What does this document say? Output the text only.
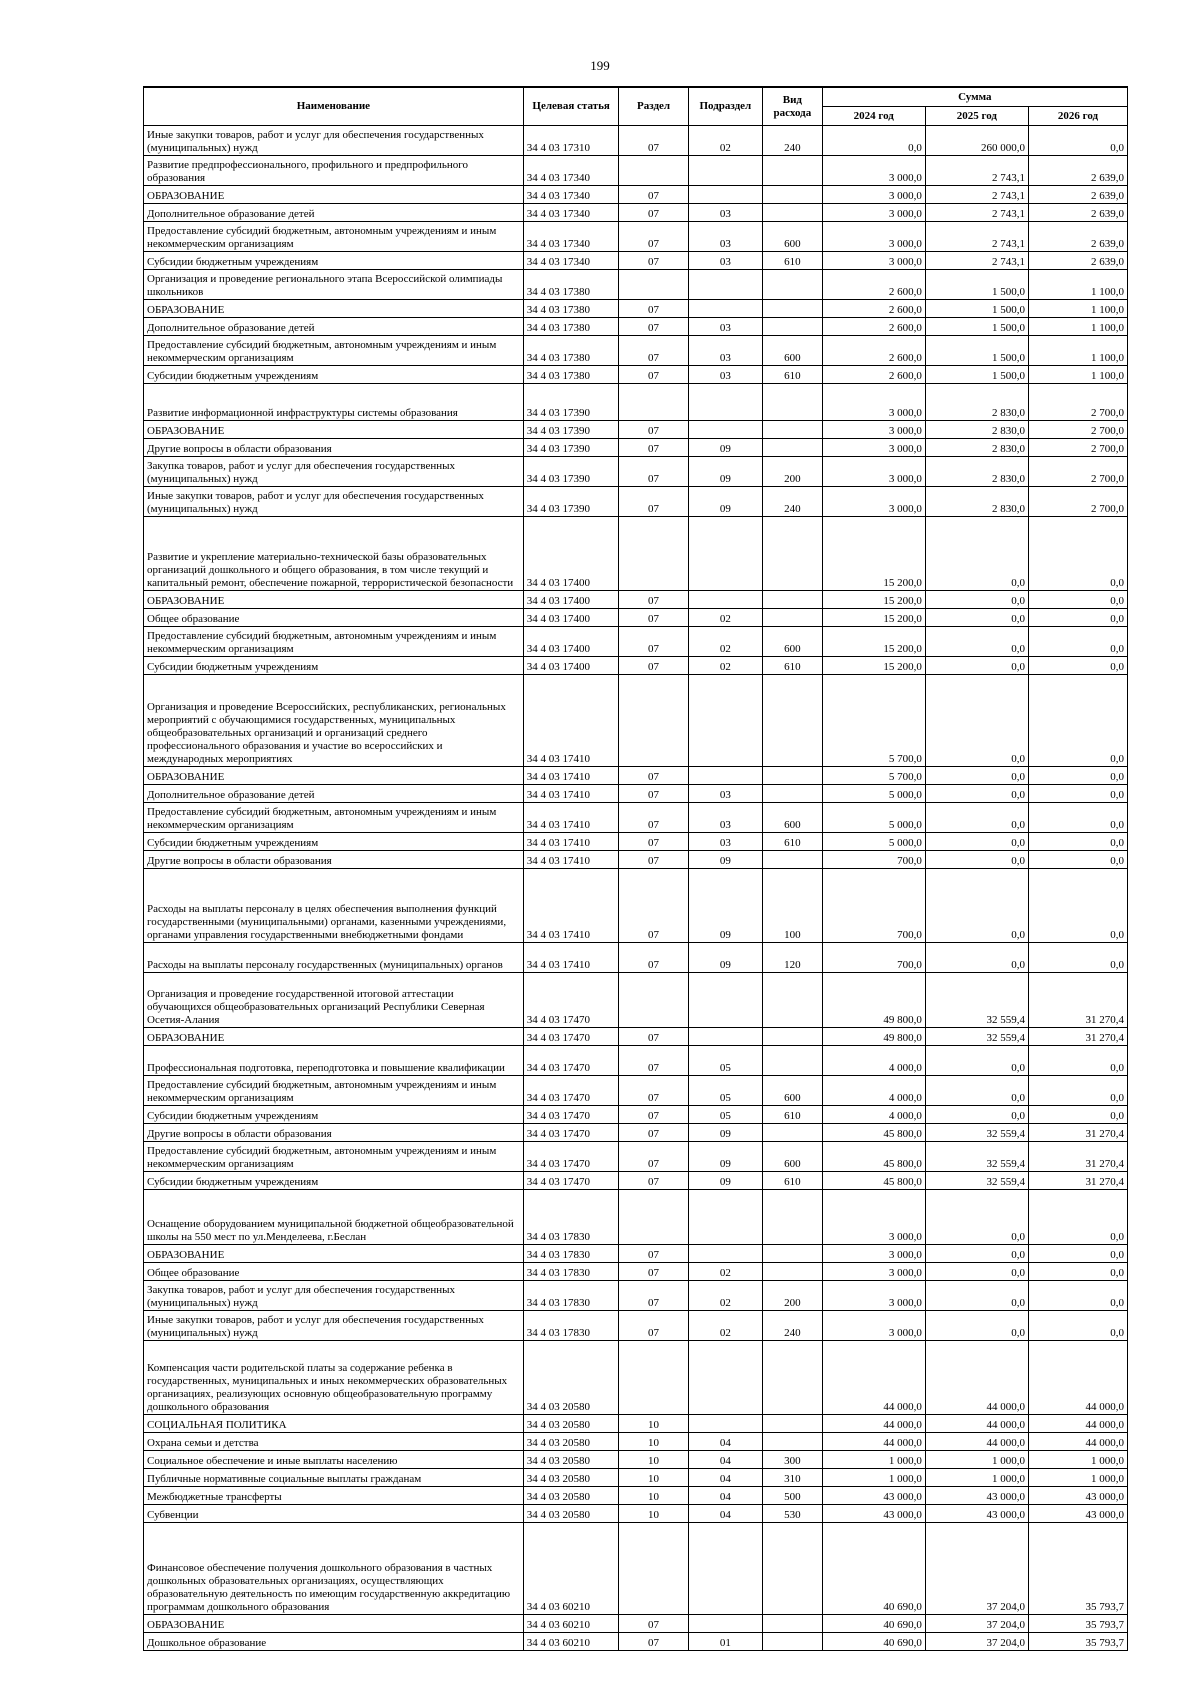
199
Наименование	Целевая статья	Раздел	Подраздел	Вид расхода	Сумма		
					2024 год	2025 год	2026 год
Иные закупки товаров, работ и услуг для обеспечения государственных (муниципальных) нужд	34 4 03 17310	07	02	240	0,0	260 000,0	0,0
Развитие предпрофессионального, профильного и предпрофильного образования	34 4 03 17340				3 000,0	2 743,1	2 639,0
ОБРАЗОВАНИЕ	34 4 03 17340	07			3 000,0	2 743,1	2 639,0
Дополнительное образование детей	34 4 03 17340	07	03		3 000,0	2 743,1	2 639,0
Предоставление субсидий бюджетным, автономным учреждениям и иным некоммерческим организациям	34 4 03 17340	07	03	600	3 000,0	2 743,1	2 639,0
Субсидии бюджетным учреждениям	34 4 03 17340	07	03	610	3 000,0	2 743,1	2 639,0
Организация и проведение регионального этапа Всероссийской олимпиады школьников	34 4 03 17380				2 600,0	1 500,0	1 100,0
ОБРАЗОВАНИЕ	34 4 03 17380	07			2 600,0	1 500,0	1 100,0
Дополнительное образование детей	34 4 03 17380	07	03		2 600,0	1 500,0	1 100,0
Предоставление субсидий бюджетным, автономным учреждениям и иным некоммерческим организациям	34 4 03 17380	07	03	600	2 600,0	1 500,0	1 100,0
Субсидии бюджетным учреждениям	34 4 03 17380	07	03	610	2 600,0	1 500,0	1 100,0
Развитие информационной инфраструктуры системы образования	34 4 03 17390				3 000,0	2 830,0	2 700,0
ОБРАЗОВАНИЕ	34 4 03 17390	07			3 000,0	2 830,0	2 700,0
Другие вопросы в области образования	34 4 03 17390	07	09		3 000,0	2 830,0	2 700,0
Закупка товаров, работ и услуг для обеспечения государственных (муниципальных) нужд	34 4 03 17390	07	09	200	3 000,0	2 830,0	2 700,0
Иные закупки товаров, работ и услуг для обеспечения государственных (муниципальных) нужд	34 4 03 17390	07	09	240	3 000,0	2 830,0	2 700,0
Развитие и укрепление материально-технической базы образовательных организаций дошкольного и общего образования, в том числе текущий и капитальный ремонт, обеспечение пожарной, террористической безопасности	34 4 03 17400				15 200,0	0,0	0,0
ОБРАЗОВАНИЕ	34 4 03 17400	07			15 200,0	0,0	0,0
Общее образование	34 4 03 17400	07	02		15 200,0	0,0	0,0
Предоставление субсидий бюджетным, автономным учреждениям и иным некоммерческим организациям	34 4 03 17400	07	02	600	15 200,0	0,0	0,0
Субсидии бюджетным учреждениям	34 4 03 17400	07	02	610	15 200,0	0,0	0,0
Организация и проведение Всероссийских, республиканских, региональных мероприятий с обучающимися государственных, муниципальных общеобразовательных организаций и организаций среднего профессионального образования и участие во всероссийских и международных мероприятиях	34 4 03 17410				5 700,0	0,0	0,0
ОБРАЗОВАНИЕ	34 4 03 17410	07			5 700,0	0,0	0,0
Дополнительное образование детей	34 4 03 17410	07	03		5 000,0	0,0	0,0
Предоставление субсидий бюджетным, автономным учреждениям и иным некоммерческим организациям	34 4 03 17410	07	03	600	5 000,0	0,0	0,0
Субсидии бюджетным учреждениям	34 4 03 17410	07	03	610	5 000,0	0,0	0,0
Другие вопросы в области образования	34 4 03 17410	07	09		700,0	0,0	0,0
Расходы на выплаты персоналу в целях обеспечения выполнения функций государственными (муниципальными) органами, казенными учреждениями, органами управления государственными внебюджетными фондами	34 4 03 17410	07	09	100	700,0	0,0	0,0
Расходы на выплаты персоналу государственных (муниципальных) органов	34 4 03 17410	07	09	120	700,0	0,0	0,0
Организация и проведение государственной итоговой аттестации обучающихся общеобразовательных организаций Республики Северная Осетия-Алания	34 4 03 17470				49 800,0	32 559,4	31 270,4
ОБРАЗОВАНИЕ	34 4 03 17470	07			49 800,0	32 559,4	31 270,4
Профессиональная подготовка, переподготовка и повышение квалификации	34 4 03 17470	07	05		4 000,0	0,0	0,0
Предоставление субсидий бюджетным, автономным учреждениям и иным некоммерческим организациям	34 4 03 17470	07	05	600	4 000,0	0,0	0,0
Субсидии бюджетным учреждениям	34 4 03 17470	07	05	610	4 000,0	0,0	0,0
Другие вопросы в области образования	34 4 03 17470	07	09		45 800,0	32 559,4	31 270,4
Предоставление субсидий бюджетным, автономным учреждениям и иным некоммерческим организациям	34 4 03 17470	07	09	600	45 800,0	32 559,4	31 270,4
Субсидии бюджетным учреждениям	34 4 03 17470	07	09	610	45 800,0	32 559,4	31 270,4
Оснащение оборудованием муниципальной бюджетной общеобразовательной школы на 550 мест по ул.Менделеева, г.Беслан	34 4 03 17830				3 000,0	0,0	0,0
ОБРАЗОВАНИЕ	34 4 03 17830	07			3 000,0	0,0	0,0
Общее образование	34 4 03 17830	07	02		3 000,0	0,0	0,0
Закупка товаров, работ и услуг для обеспечения государственных (муниципальных) нужд	34 4 03 17830	07	02	200	3 000,0	0,0	0,0
Иные закупки товаров, работ и услуг для обеспечения государственных (муниципальных) нужд	34 4 03 17830	07	02	240	3 000,0	0,0	0,0
Компенсация части родительской платы за содержание ребенка в государственных, муниципальных и иных некоммерческих образовательных организациях, реализующих основную общеобразовательную программу дошкольного образования	34 4 03 20580				44 000,0	44 000,0	44 000,0
СОЦИАЛЬНАЯ ПОЛИТИКА	34 4 03 20580	10			44 000,0	44 000,0	44 000,0
Охрана семьи и детства	34 4 03 20580	10	04		44 000,0	44 000,0	44 000,0
Социальное обеспечение и иные выплаты населению	34 4 03 20580	10	04	300	1 000,0	1 000,0	1 000,0
Публичные нормативные социальные выплаты гражданам	34 4 03 20580	10	04	310	1 000,0	1 000,0	1 000,0
Межбюджетные трансферты	34 4 03 20580	10	04	500	43 000,0	43 000,0	43 000,0
Субвенции	34 4 03 20580	10	04	530	43 000,0	43 000,0	43 000,0
Финансовое обеспечение получения дошкольного образования в частных дошкольных образовательных организациях, осуществляющих образовательную деятельность по имеющим государственную аккредитацию программам дошкольного образования	34 4 03 60210				40 690,0	37 204,0	35 793,7
ОБРАЗОВАНИЕ	34 4 03 60210	07			40 690,0	37 204,0	35 793,7
Дошкольное образование	34 4 03 60210	07	01		40 690,0	37 204,0	35 793,7
